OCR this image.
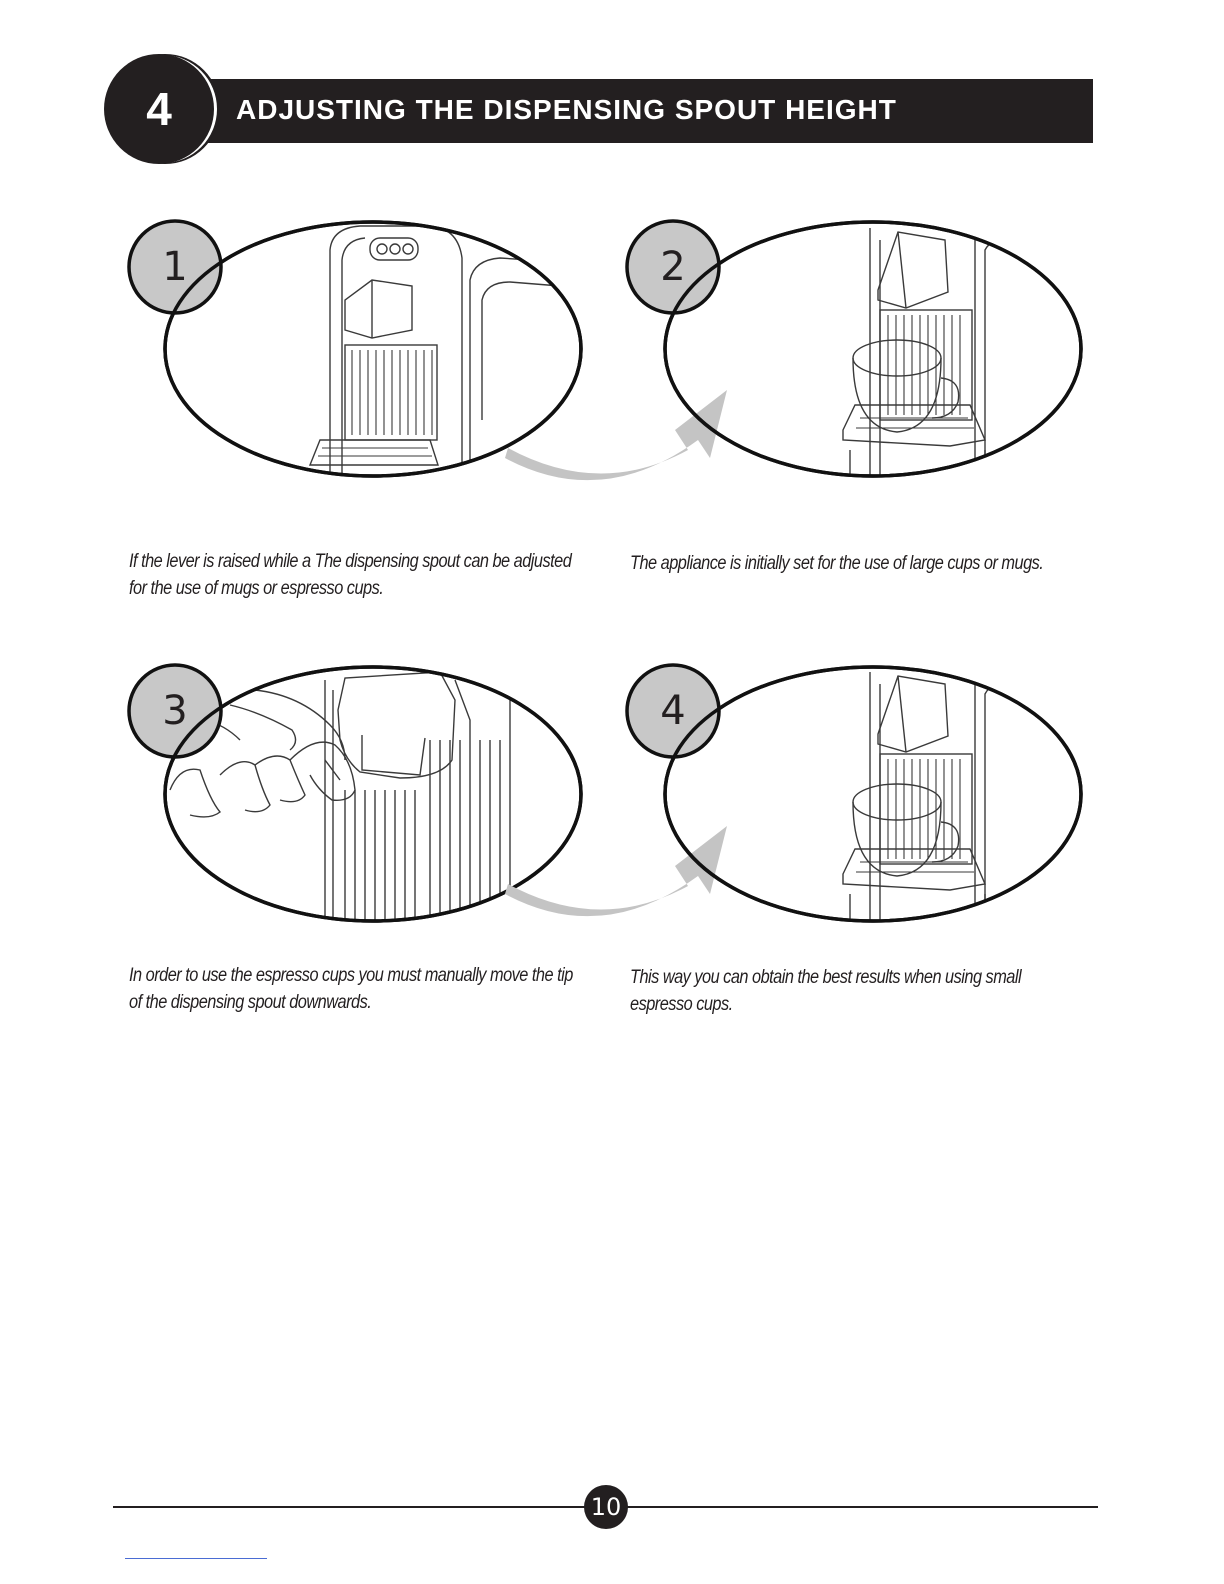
ADJUSTING THE DISPENSING SPOUT HEIGHT
4
1
If the lever is raised while a The dispensing spout can be adjusted
for the use of mugs or espresso cups.
2
The appliance is initially set for the use of large cups or mugs.
3
In order to use the espresso cups you must manually move the tip
of the dispensing spout downwards.
4
This way you can obtain the best results when using small
espresso cups.
10
